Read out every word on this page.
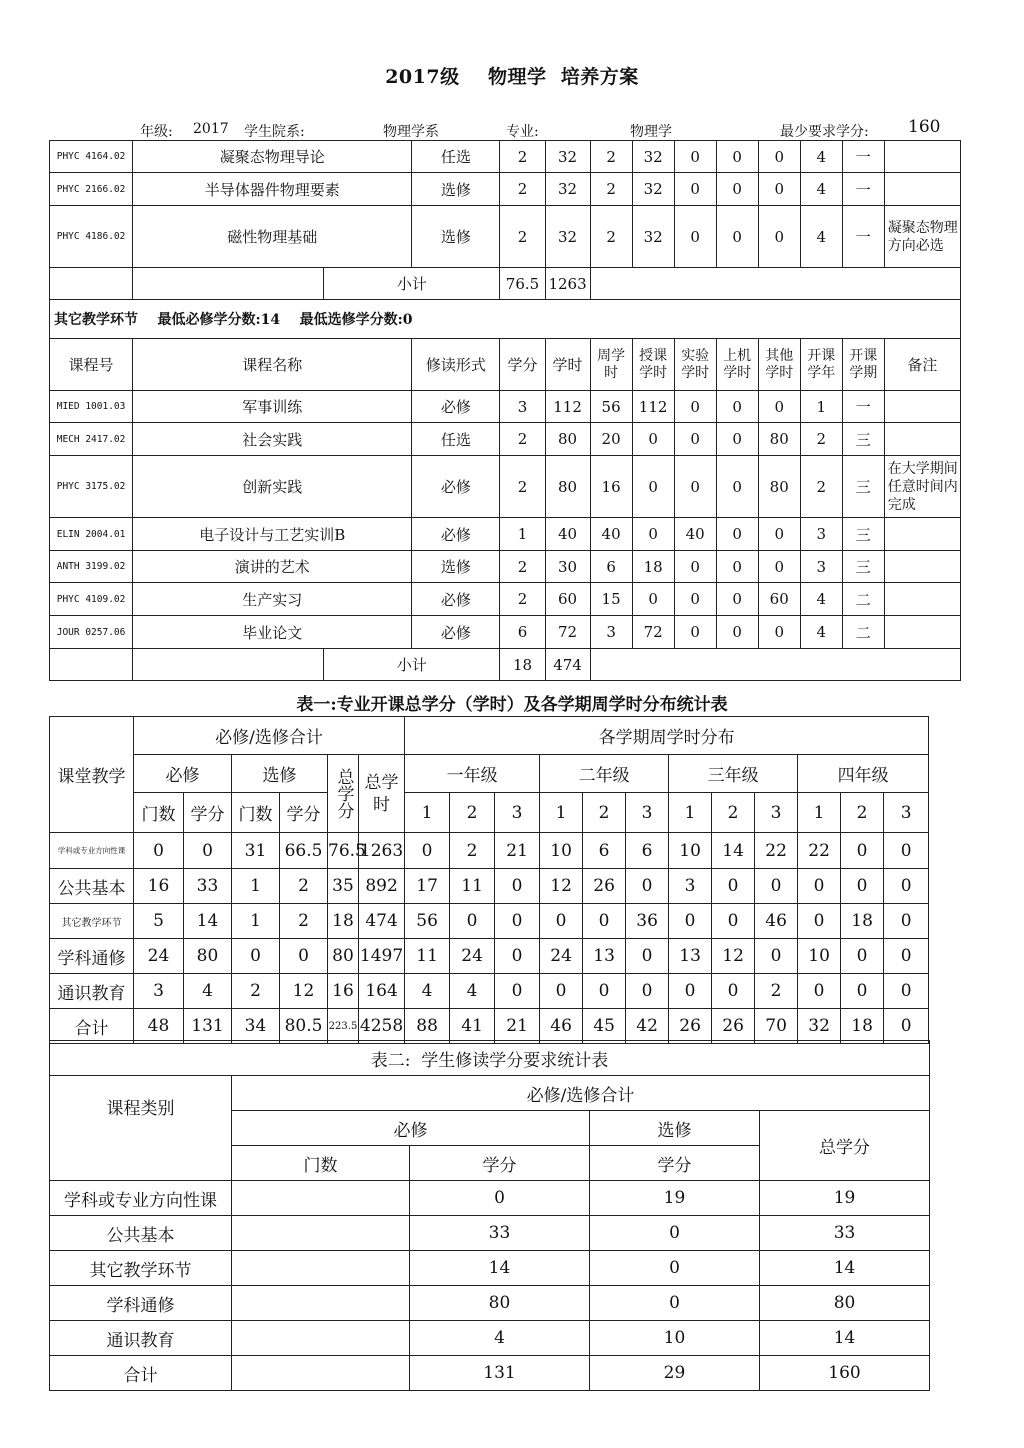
2017级    物理学  培养方案
年级: 2017 学生院系:	物理学系	专业:	物理学	最少要求学分: 160
PHYC 4164.02	凝聚态物理导论		任选	2	32	2	32	0	0	0	4	一	
PHYC 2166.02	半导体器件物理要素		选修	2	32	2	32	0	0	0	4	一	
PHYC 4186.02	磁性物理基础		选修	2	32	2	32	0	0	0	4	一	凝聚态物理方向必选
		小计		76.5	1263								
其它教学环节    最低必修学分数:14    最低选修学分数:0													
课程号	课程名称		修读形式	学分	学时	周学时	授课学时	实验学时	上机学时	其他学时	开课学年	开课学期	备注
MIED 1001.03	军事训练		必修	3	112	56	112	0	0	0	1	一	
MECH 2417.02	社会实践		任选	2	80	20	0	0	0	80	2	三	
PHYC 3175.02	创新实践		必修	2	80	16	0	0	0	80	2	三	在大学期间任意时间内完成
ELIN 2004.01	电子设计与工艺实训B		必修	1	40	40	0	40	0	0	3	三	
ANTH 3199.02	演讲的艺术		选修	2	30	6	18	0	0	0	3	三	
PHYC 4109.02	生产实习		必修	2	60	15	0	0	0	60	4	二	
JOUR 0257.06	毕业论文		必修	6	72	3	72	0	0	0	4	二	
		小计		18	474								
表一:专业开课总学分（学时）及各学期周学时分布统计表
课堂教学	必修/选修合计						各学期周学时分布											
	必修		选修		总学分	总学时	一年级			二年级			三年级			四年级		
	门数	学分	门数	学分			1	2	3	1	2	3	1	2	3	1	2	3
学科或专业方向性课	0	0	31	66.5	76.5	1263	0	2	21	10	6	6	10	14	22	22	0	0
公共基本	16	33	1	2	35	892	17	11	0	12	26	0	3	0	0	0	0	0
其它教学环节	5	14	1	2	18	474	56	0	0	0	0	36	0	0	46	0	18	0
学科通修	24	80	0	0	80	1497	11	24	0	24	13	0	13	12	0	10	0	0
通识教育	3	4	2	12	16	164	4	4	0	0	0	0	0	0	2	0	0	0
合计	48	131	34	80.5	223.5	4258	88	41	21	46	45	42	26	26	70	32	18	0
表二:  学生修读学分要求统计表				
课程类别	必修/选修合计			
	必修		选修	总学分
	门数	学分	学分	
学科或专业方向性课		0	19	19
公共基本		33	0	33
其它教学环节		14	0	14
学科通修		80	0	80
通识教育		4	10	14
合计		131	29	160
